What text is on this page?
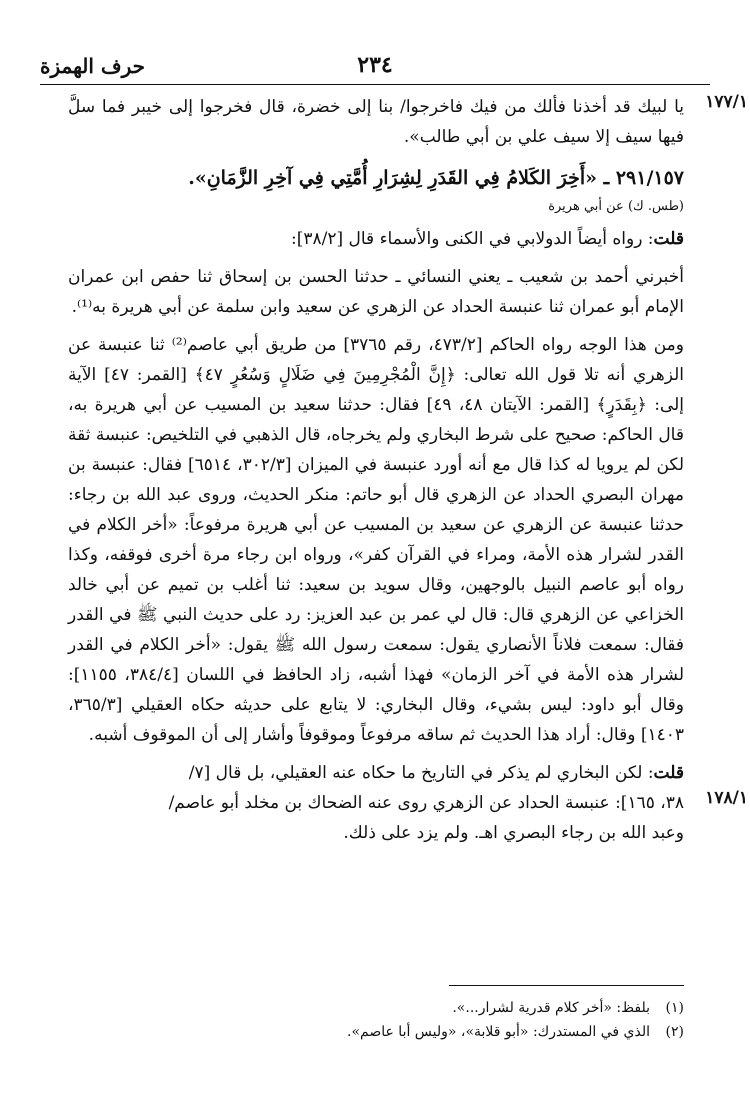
٢٣٤
حرف الهمزة
١٧٧/١

يا لبيك قد أخذنا فألك من فيك فاخرجوا/ بنا إلى خضرة، قال فخرجوا إلى خيبر فما سلَّ فيها سيف إلا سيف علي بن أبي طالب».

٢٩١/١٥٧ ـ «أَخِرَ الكَلامُ فِي القَدَرِ لِشِرَارِ أُمَّتِي فِي آخِرِ الزَّمَانِ».

(طس. ك) عن أبي هريرة

قلت: رواه أيضاً الدولابي في الكنى والأسماء قال [٣٨/٢]:

أخبرني أحمد بن شعيب ـ يعني النسائي ـ حدثنا الحسن بن إسحاق ثنا حفص ابن عمران الإمام أبو عمران ثنا عنبسة الحداد عن الزهري عن سعيد وابن سلمة عن أبي هريرة به⁽¹⁾.

ومن هذا الوجه رواه الحاكم [٤٧٣/٢، رقم ٣٧٦٥] من طريق أبي عاصم⁽²⁾ ثنا عنبسة عن الزهري أنه تلا قول الله تعالى: ﴿إِنَّ الْمُجْرِمِينَ فِي ضَلَالٍ وَسُعُرٍ ٤٧﴾ [القمر: ٤٧] الآية إلى: ﴿بِقَدَرٍ﴾ [القمر: الآيتان ٤٨، ٤٩] فقال: حدثنا سعيد بن المسيب عن أبي هريرة به، قال الحاكم: صحيح على شرط البخاري ولم يخرجاه، قال الذهبي في التلخيص: عنبسة ثقة لكن لم يرويا له كذا قال مع أنه أورد عنبسة في الميزان [٣٠٢/٣، ٦٥١٤] فقال: عنبسة بن مهران البصري الحداد عن الزهري قال أبو حاتم: منكر الحديث، وروى عبد الله بن رجاء: حدثنا عنبسة عن الزهري عن سعيد بن المسيب عن أبي هريرة مرفوعاً: «أخر الكلام في القدر لشرار هذه الأمة، ومراء في القرآن كفر»، ورواه ابن رجاء مرة أخرى فوقفه، وكذا رواه أبو عاصم النبيل بالوجهين، وقال سويد بن سعيد: ثنا أغلب بن تميم عن أبي خالد الخزاعي عن الزهري قال: قال لي عمر بن عبد العزيز: رد على حديث النبي ﷺ في القدر فقال: سمعت فلاناً الأنصاري يقول: سمعت رسول الله ﷺ يقول: «أخر الكلام في القدر لشرار هذه الأمة في آخر الزمان» فهذا أشبه، زاد الحافظ في اللسان [٣٨٤/٤، ١١٥٥]: وقال أبو داود: ليس بشيء، وقال البخاري: لا يتابع على حديثه حكاه العقيلي [٣٦٥/٣، ١٤٠٣] وقال: أراد هذا الحديث ثم ساقه مرفوعاً وموقوفاً وأشار إلى أن الموقوف أشبه.

١٧٨/١

قلت: لكن البخاري لم يذكر في التاريخ ما حكاه عنه العقيلي، بل قال [٧/
٣٨، ١٦٥]: عنبسة الحداد عن الزهري روى عنه الضحاك بن مخلد أبو عاصم/
وعبد الله بن رجاء البصري اهـ. ولم يزد على ذلك.

(١)بلفظ: «أخر كلام قدرية لشرار...».
(٢)الذي في المستدرك: «أبو قلابة»، «وليس أبا عاصم».
